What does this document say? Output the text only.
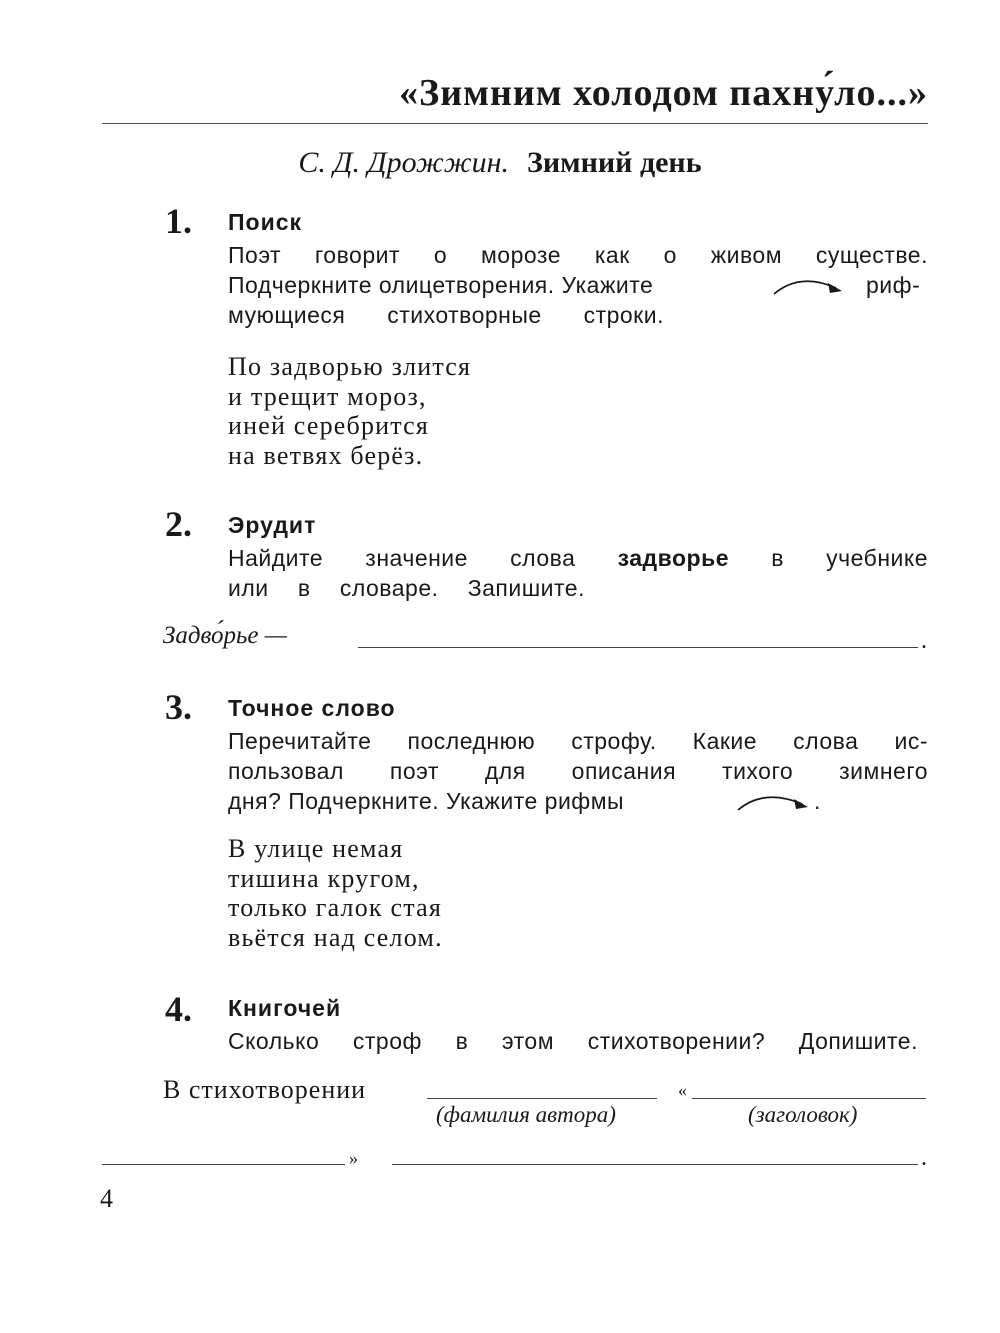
«Зимним холодом пахну́ло...»
С. Д. Дрожжин. Зимний день
1. Поиск
Поэт говорит о морозе как о живом существе.
Подчеркните олицетворения. Укажите	риф-
мующиеся стихотворные строки.
По задворью злится
и трещит мороз,
иней серебрится
на ветвях берёз.
2. Эрудит
Найдите значение слова задворье в учебнике
или в словаре. Запишите.
Задво́рье —	.
3. Точное слово
Перечитайте последнюю строфу. Какие слова ис-
пользовал поэт для описания тихого зимнего
дня? Подчеркните. Укажите рифмы	.
В улице немая
тишина кругом,
только галок стая
вьётся над селом.
4. Книгочей
Сколько строф в этом стихотворении? Допишите.
В стихотворении	«
(фамилия автора)	(заголовок)
»	.
4
